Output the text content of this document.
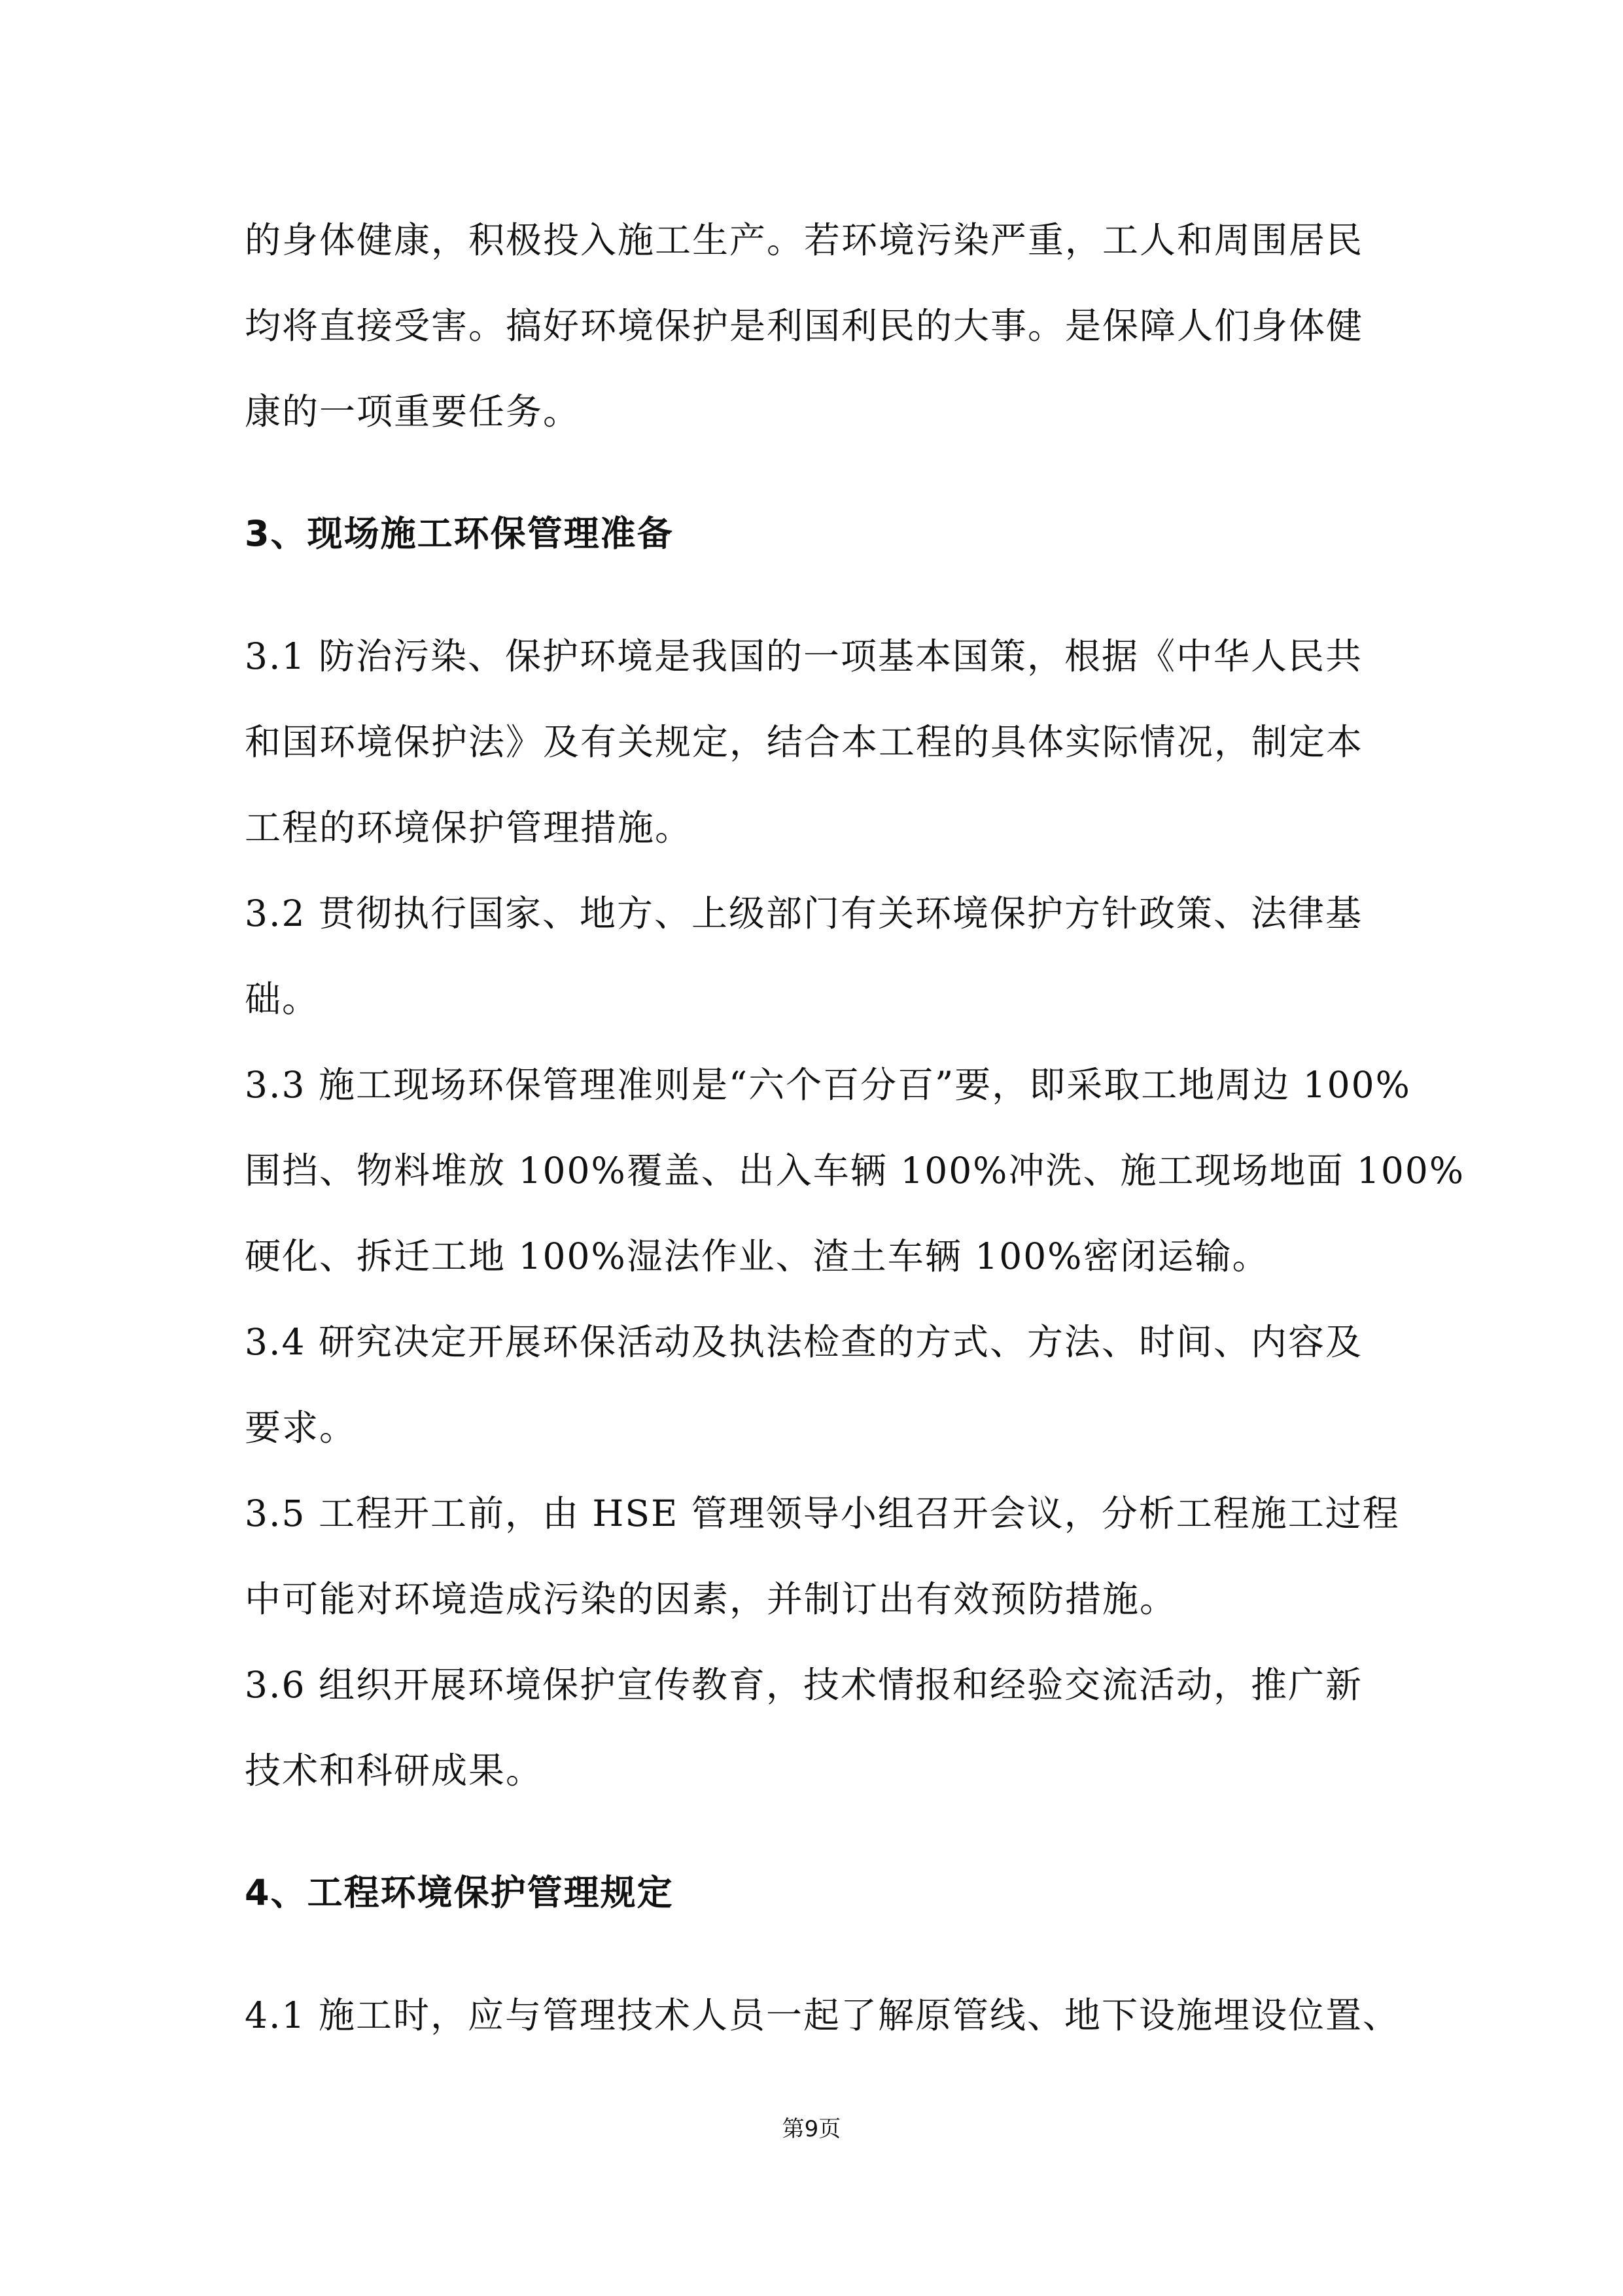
的身体健康，积极投入施工生产。若环境污染严重，工人和周围居民
均将直接受害。搞好环境保护是利国利民的大事。是保障人们身体健
康的一项重要任务。
3、现场施工环保管理准备
3.1 防治污染、保护环境是我国的一项基本国策，根据《中华人民共
和国环境保护法》及有关规定，结合本工程的具体实际情况，制定本
工程的环境保护管理措施。
3.2 贯彻执行国家、地方、上级部门有关环境保护方针政策、法律基
础。
3.3 施工现场环保管理准则是“六个百分百”要，即采取工地周边 100%
围挡、物料堆放 100%覆盖、出入车辆 100%冲洗、施工现场地面 100%
硬化、拆迁工地 100%湿法作业、渣土车辆 100%密闭运输。
3.4 研究决定开展环保活动及执法检查的方式、方法、时间、内容及
要求。
3.5 工程开工前，由 HSE 管理领导小组召开会议，分析工程施工过程
中可能对环境造成污染的因素，并制订出有效预防措施。
3.6 组织开展环境保护宣传教育，技术情报和经验交流活动，推广新
技术和科研成果。
4、工程环境保护管理规定
4.1 施工时，应与管理技术人员一起了解原管线、地下设施埋设位置、
第9页
